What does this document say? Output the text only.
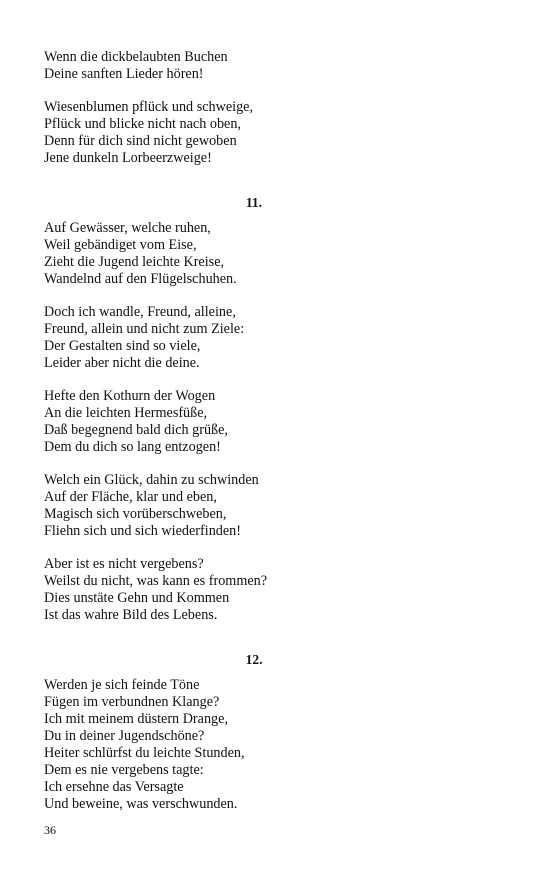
Wenn die dickbelaubten Buchen
Deine sanften Lieder hören!
Wiesenblumen pflück und schweige,
Pflück und blicke nicht nach oben,
Denn für dich sind nicht gewoben
Jene dunkeln Lorbeerzweige!
11.
Auf Gewässer, welche ruhen,
Weil gebändiget vom Eise,
Zieht die Jugend leichte Kreise,
Wandelnd auf den Flügelschuhen.
Doch ich wandle, Freund, alleine,
Freund, allein und nicht zum Ziele:
Der Gestalten sind so viele,
Leider aber nicht die deine.
Hefte den Kothurn der Wogen
An die leichten Hermesfüße,
Daß begegnend bald dich grüße,
Dem du dich so lang entzogen!
Welch ein Glück, dahin zu schwinden
Auf der Fläche, klar und eben,
Magisch sich vorüberschweben,
Fliehn sich und sich wiederfinden!
Aber ist es nicht vergebens?
Weilst du nicht, was kann es frommen?
Dies unstäte Gehn und Kommen
Ist das wahre Bild des Lebens.
12.
Werden je sich feinde Töne
Fügen im verbundnen Klange?
Ich mit meinem düstern Drange,
Du in deiner Jugendschöne?
Heiter schlürfst du leichte Stunden,
Dem es nie vergebens tagte:
Ich ersehne das Versagte
Und beweine, was verschwunden.
36
